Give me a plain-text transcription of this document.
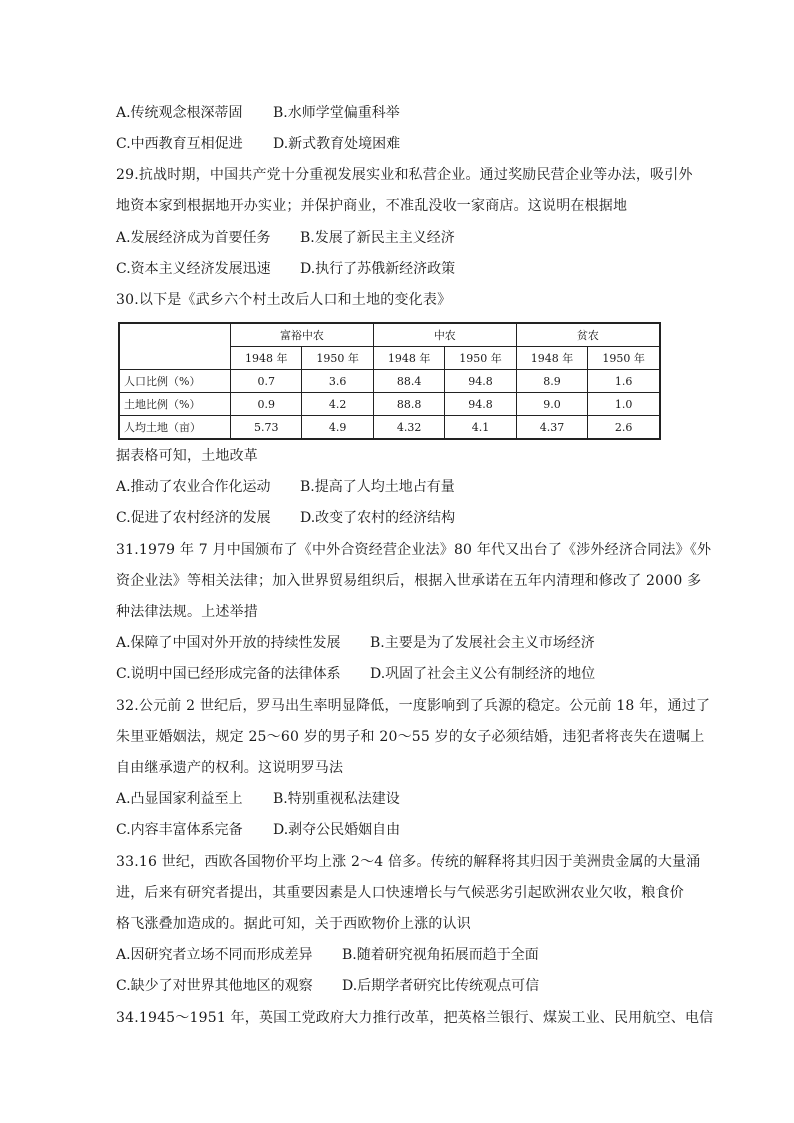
A.传统观念根深蒂固 B.水师学堂偏重科举
C.中西教育互相促进 D.新式教育处境困难
29.抗战时期，中国共产党十分重视发展实业和私营企业。通过奖励民营企业等办法，吸引外
地资本家到根据地开办实业；并保护商业，不准乱没收一家商店。这说明在根据地
A.发展经济成为首要任务 B.发展了新民主主义经济
C.资本主义经济发展迅速 D.执行了苏俄新经济政策
30.以下是《武乡六个村土改后人口和土地的变化表》
	富裕中农		中农		贫农	
	1948 年	1950 年	1948 年	1950 年	1948 年	1950 年
人口比例（%）	0.7	3.6	88.4	94.8	8.9	1.6
土地比例（%）	0.9	4.2	88.8	94.8	9.0	1.0
人均土地（亩）	5.73	4.9	4.32	4.1	4.37	2.6
据表格可知，土地改革
A.推动了农业合作化运动 B.提高了人均土地占有量
C.促进了农村经济的发展 D.改变了农村的经济结构
31.1979 年 7 月中国颁布了《中外合资经营企业法》80 年代又出台了《涉外经济合同法》《外
资企业法》等相关法律；加入世界贸易组织后，根据入世承诺在五年内清理和修改了 2000 多
种法律法规。上述举措
A.保障了中国对外开放的持续性发展 B.主要是为了发展社会主义市场经济
C.说明中国已经形成完备的法律体系 D.巩固了社会主义公有制经济的地位
32.公元前 2 世纪后，罗马出生率明显降低，一度影响到了兵源的稳定。公元前 18 年，通过了
朱里亚婚姻法，规定 25～60 岁的男子和 20～55 岁的女子必须结婚，违犯者将丧失在遗嘱上
自由继承遗产的权利。这说明罗马法
A.凸显国家利益至上 B.特别重视私法建设
C.内容丰富体系完备 D.剥夺公民婚姻自由
33.16 世纪，西欧各国物价平均上涨 2～4 倍多。传统的解释将其归因于美洲贵金属的大量涌
进，后来有研究者提出，其重要因素是人口快速增长与气候恶劣引起欧洲农业欠收，粮食价
格飞涨叠加造成的。据此可知，关于西欧物价上涨的认识
A.因研究者立场不同而形成差异 B.随着研究视角拓展而趋于全面
C.缺少了对世界其他地区的观察 D.后期学者研究比传统观点可信
34.1945～1951 年，英国工党政府大力推行改革，把英格兰银行、煤炭工业、民用航空、电信
